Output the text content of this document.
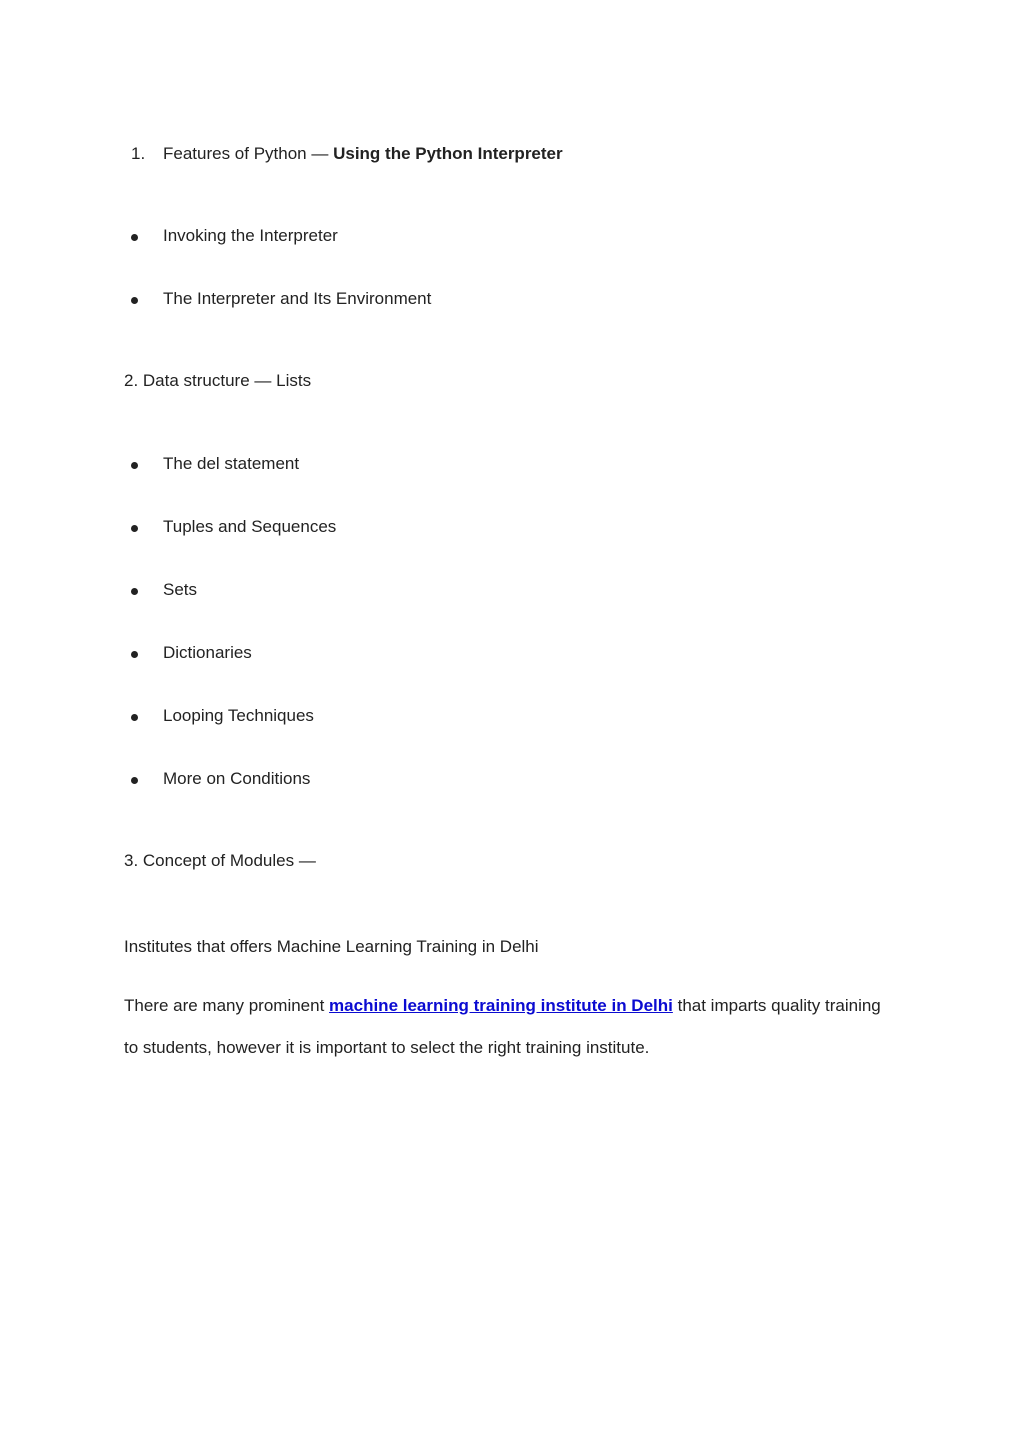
1. Features of Python — Using the Python Interpreter
Invoking the Interpreter
The Interpreter and Its Environment
2. Data structure — Lists
The del statement
Tuples and Sequences
Sets
Dictionaries
Looping Techniques
More on Conditions
3. Concept of Modules —
Institutes that offers Machine Learning Training in Delhi
There are many prominent machine learning training institute in Delhi that imparts quality training
to students, however it is important to select the right training institute.
